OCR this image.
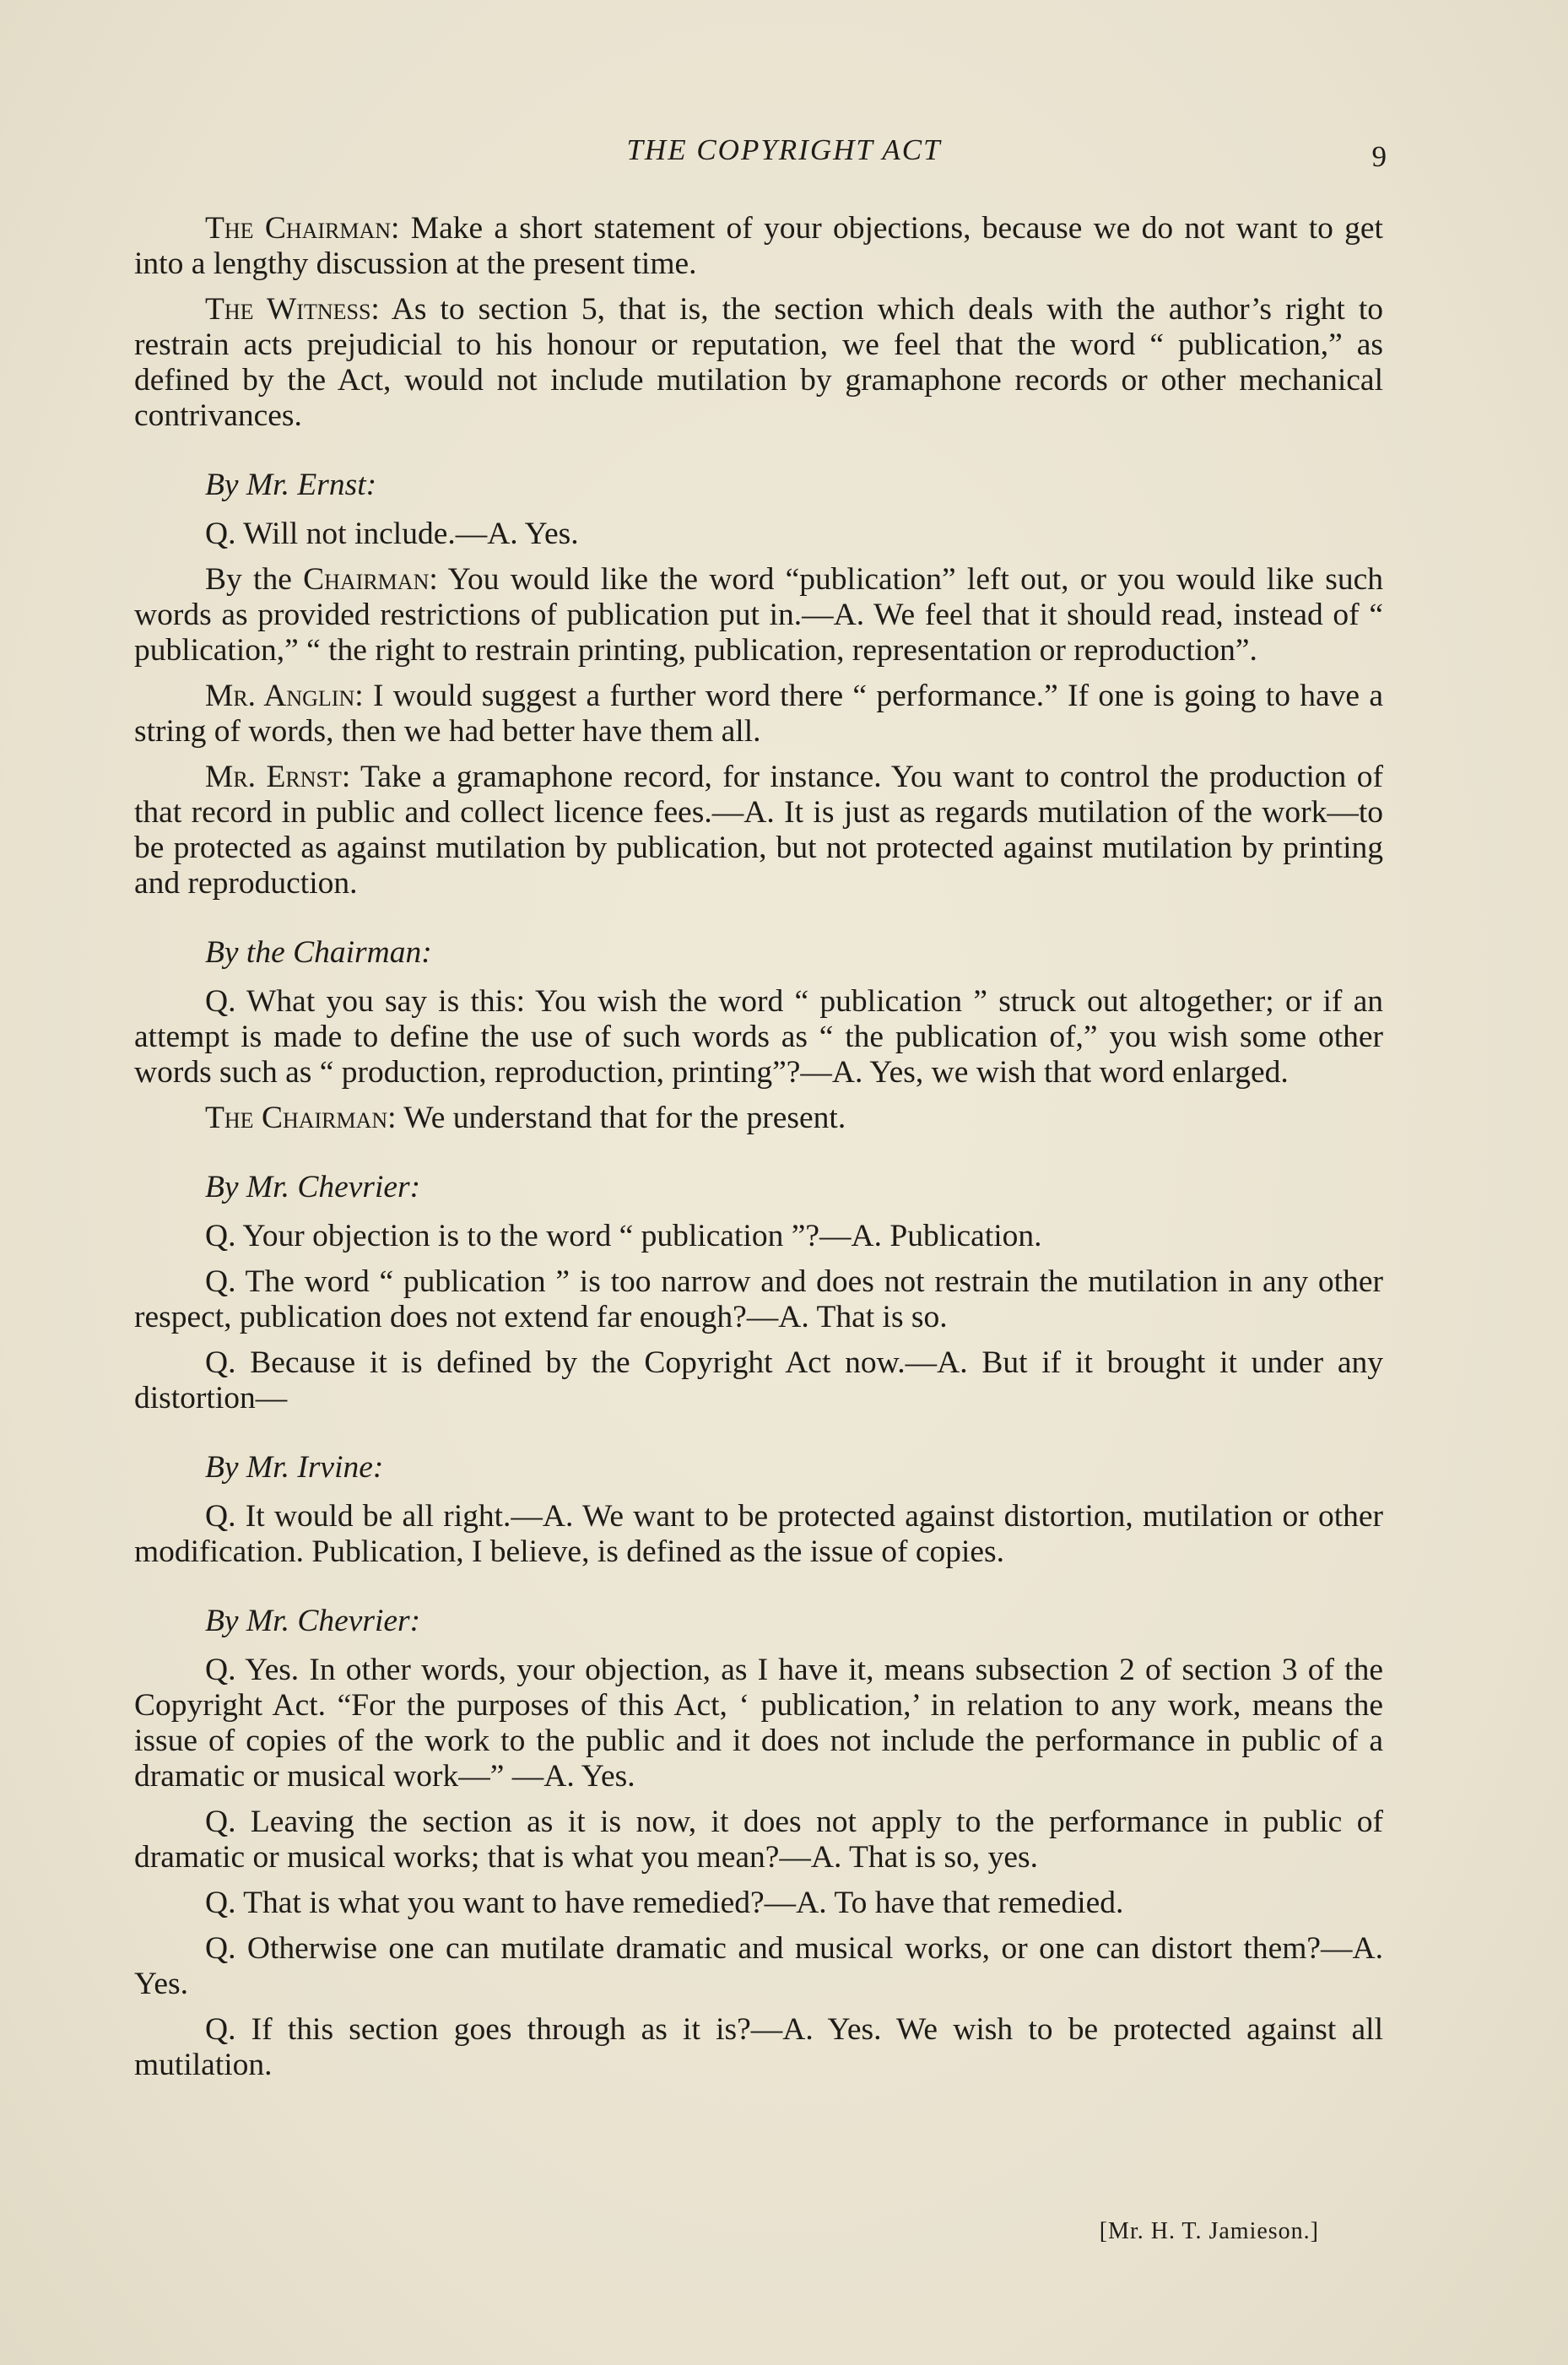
THE COPYRIGHT ACT	9

The Chairman: Make a short statement of your objections, because we do not want to get into a lengthy discussion at the present time.

The Witness: As to section 5, that is, the section which deals with the author’s right to restrain acts prejudicial to his honour or reputation, we feel that the word “ publication,” as defined by the Act, would not include mutilation by gramaphone records or other mechanical contrivances.

By Mr. Ernst:

Q. Will not include.—A. Yes.

By the Chairman: You would like the word “publication” left out, or you would like such words as provided restrictions of publication put in.—A. We feel that it should read, instead of “ publication,” “ the right to restrain printing, publication, representation or reproduction”.

Mr. Anglin: I would suggest a further word there “ performance.” If one is going to have a string of words, then we had better have them all.

Mr. Ernst: Take a gramaphone record, for instance. You want to control the production of that record in public and collect licence fees.—A. It is just as regards mutilation of the work—to be protected as against mutilation by publication, but not protected against mutilation by printing and reproduction.

By the Chairman:

Q. What you say is this: You wish the word “ publication ” struck out altogether; or if an attempt is made to define the use of such words as “ the publication of,” you wish some other words such as “ production, reproduction, printing”?—A. Yes, we wish that word enlarged.

The Chairman: We understand that for the present.

By Mr. Chevrier:

Q. Your objection is to the word “ publication ”?—A. Publication.

Q. The word “ publication ” is too narrow and does not restrain the mutilation in any other respect, publication does not extend far enough?—A. That is so.

Q. Because it is defined by the Copyright Act now.—A. But if it brought it under any distortion—

By Mr. Irvine:

Q. It would be all right.—A. We want to be protected against distortion, mutilation or other modification. Publication, I believe, is defined as the issue of copies.

By Mr. Chevrier:

Q. Yes. In other words, your objection, as I have it, means subsection 2 of section 3 of the Copyright Act. “For the purposes of this Act, ‘ publication,’ in relation to any work, means the issue of copies of the work to the public and it does not include the performance in public of a dramatic or musical work—” —A. Yes.

Q. Leaving the section as it is now, it does not apply to the performance in public of dramatic or musical works; that is what you mean?—A. That is so, yes.

Q. That is what you want to have remedied?—A. To have that remedied.

Q. Otherwise one can mutilate dramatic and musical works, or one can distort them?—A. Yes.

Q. If this section goes through as it is?—A. Yes. We wish to be protected against all mutilation.

[Mr. H. T. Jamieson.]
